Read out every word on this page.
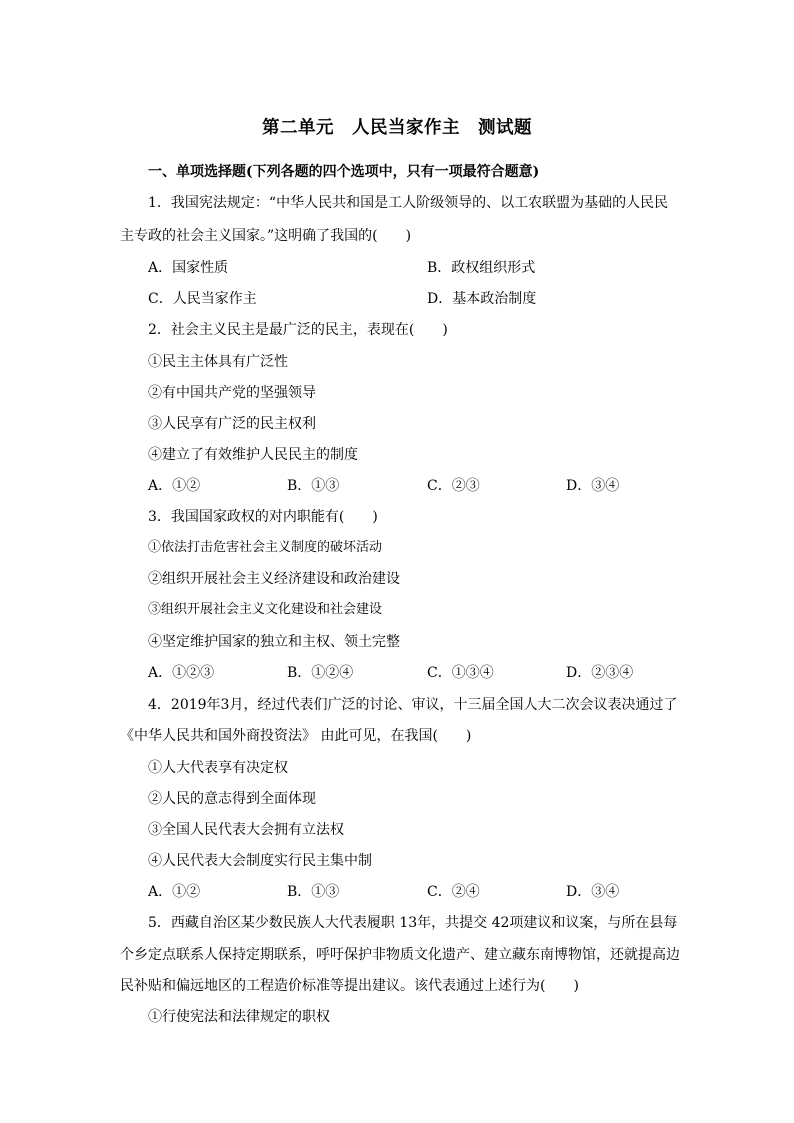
第二单元　人民当家作主　测试题
一、单项选择题(下列各题的四个选项中，只有一项最符合题意)
1．我国宪法规定：“中华人民共和国是工人阶级领导的、以工农联盟为基础的人民民
主专政的社会主义国家。”这明确了我国的(　　)
A．国家性质	B．政权组织形式
C．人民当家作主	D．基本政治制度
2．社会主义民主是最广泛的民主，表现在(　　)
①民主主体具有广泛性
②有中国共产党的坚强领导
③人民享有广泛的民主权利
④建立了有效维护人民民主的制度
A．①②	B．①③	C．②③	D．③④
3．我国国家政权的对内职能有(　　)
①依法打击危害社会主义制度的破坏活动
②组织开展社会主义经济建设和政治建设
③组织开展社会主义文化建设和社会建设
④坚定维护国家的独立和主权、领土完整
A．①②③	B．①②④	C．①③④	D．②③④
4．2019年3月，经过代表们广泛的讨论、审议，十三届全国人大二次会议表决通过了
《中华人民共和国外商投资法》 由此可见，在我国(　　)
①人大代表享有决定权
②人民的意志得到全面体现
③全国人民代表大会拥有立法权
④人民代表大会制度实行民主集中制
A．①②	B．①③	C．②④	D．③④
5．西藏自治区某少数民族人大代表履职 13年，共提交 42项建议和议案，与所在县每
个乡定点联系人保持定期联系，呼吁保护非物质文化遗产、建立藏东南博物馆，还就提高边
民补贴和偏远地区的工程造价标准等提出建议。该代表通过上述行为(　　)
①行使宪法和法律规定的职权
